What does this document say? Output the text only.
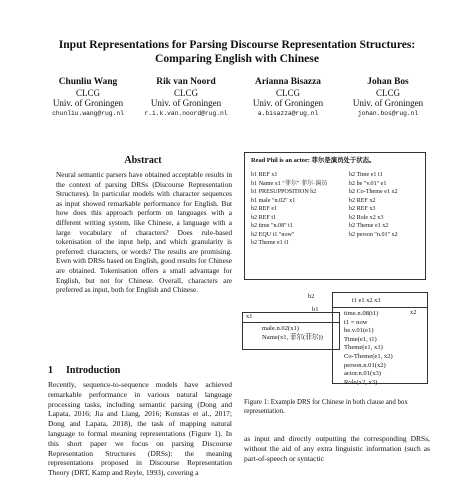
Input Representations for Parsing Discourse Representation Structures:
Comparing English with Chinese
Chunliu Wang
CLCG
Univ. of Groningen
chunliu.wang@rug.nl
Rik van Noord
CLCG
Univ. of Groningen
r.i.k.van.noord@rug.nl
Arianna Bisazza
CLCG
Univ. of Groningen
a.bisazza@rug.nl
Johan Bos
CLCG
Univ. of Groningen
johan.bos@rug.nl
Abstract

Neural semantic parsers have obtained acceptable results in the context of parsing DRSs (Discourse Representation Structures). In particular models with character sequences as input showed remarkable performance for English. But how does this approach perform on languages with a different writing system, like Chinese, a language with a large vocabulary of characters? Does rule-based tokenisation of the input help, and which granularity is preferred: characters, or words? The results are promising. Even with DRSs based on English, good results for Chinese are obtained. Tokenisation offers a small advantage for English, but not for Chinese. Overall, characters are preferred as input, both for English and Chinese.

1 Introduction

Recently, sequence-to-sequence models have achieved remarkable performance in various natural language processing tasks, including semantic parsing (Dong and Lapata, 2016; Jia and Liang, 2016; Konstas et al., 2017; Dong and Lapata, 2018), the task of mapping natural language to formal meaning representations (Figure 1). In this short paper we focus on parsing Discourse Representation Structures (DRSs): the meaning representations proposed in Discourse Representation Theory (DRT, Kamp and Reyle, 1993), covering a

Read Phil is an actor: 菲尔是演员处于状态。
b1 REF x1
b1 Name x1 "菲尔" 菲尔·演员
b1 PRESUPPOSITION b2
b1 male "n.02" x1
b2 REF e1
b2 REF t1
b2 time "n.08" t1
b2 EQU t1 "now"
b2 Theme e1 t1
b2 Time e1 t1
b2 be "v.01" e1
b2 Co-Theme e1 x2
b2 REF x2
b2 REF x3
b2 Role x2 x3
b2 Theme e1 x2
b2 person "n.01" x2
b2
t1 e1 x2 x3
x2
x1
b1
male.n.02(x1)
Name(x1, 菲尔(菲尔))
time.n.08(t1)
t1 = now
be.v.01(e1)
Time(e1, t1)
Theme(e1, x1)
Co-Theme(e1, x2)
person.n.01(x2)
actor.n.01(x3)
Role(x2, x3)

Figure 1: Example DRS for Chinese in both clause and box representation.

as input and directly outputting the corresponding DRSs, without the aid of any extra linguistic information (such as part-of-speech or syntactic
